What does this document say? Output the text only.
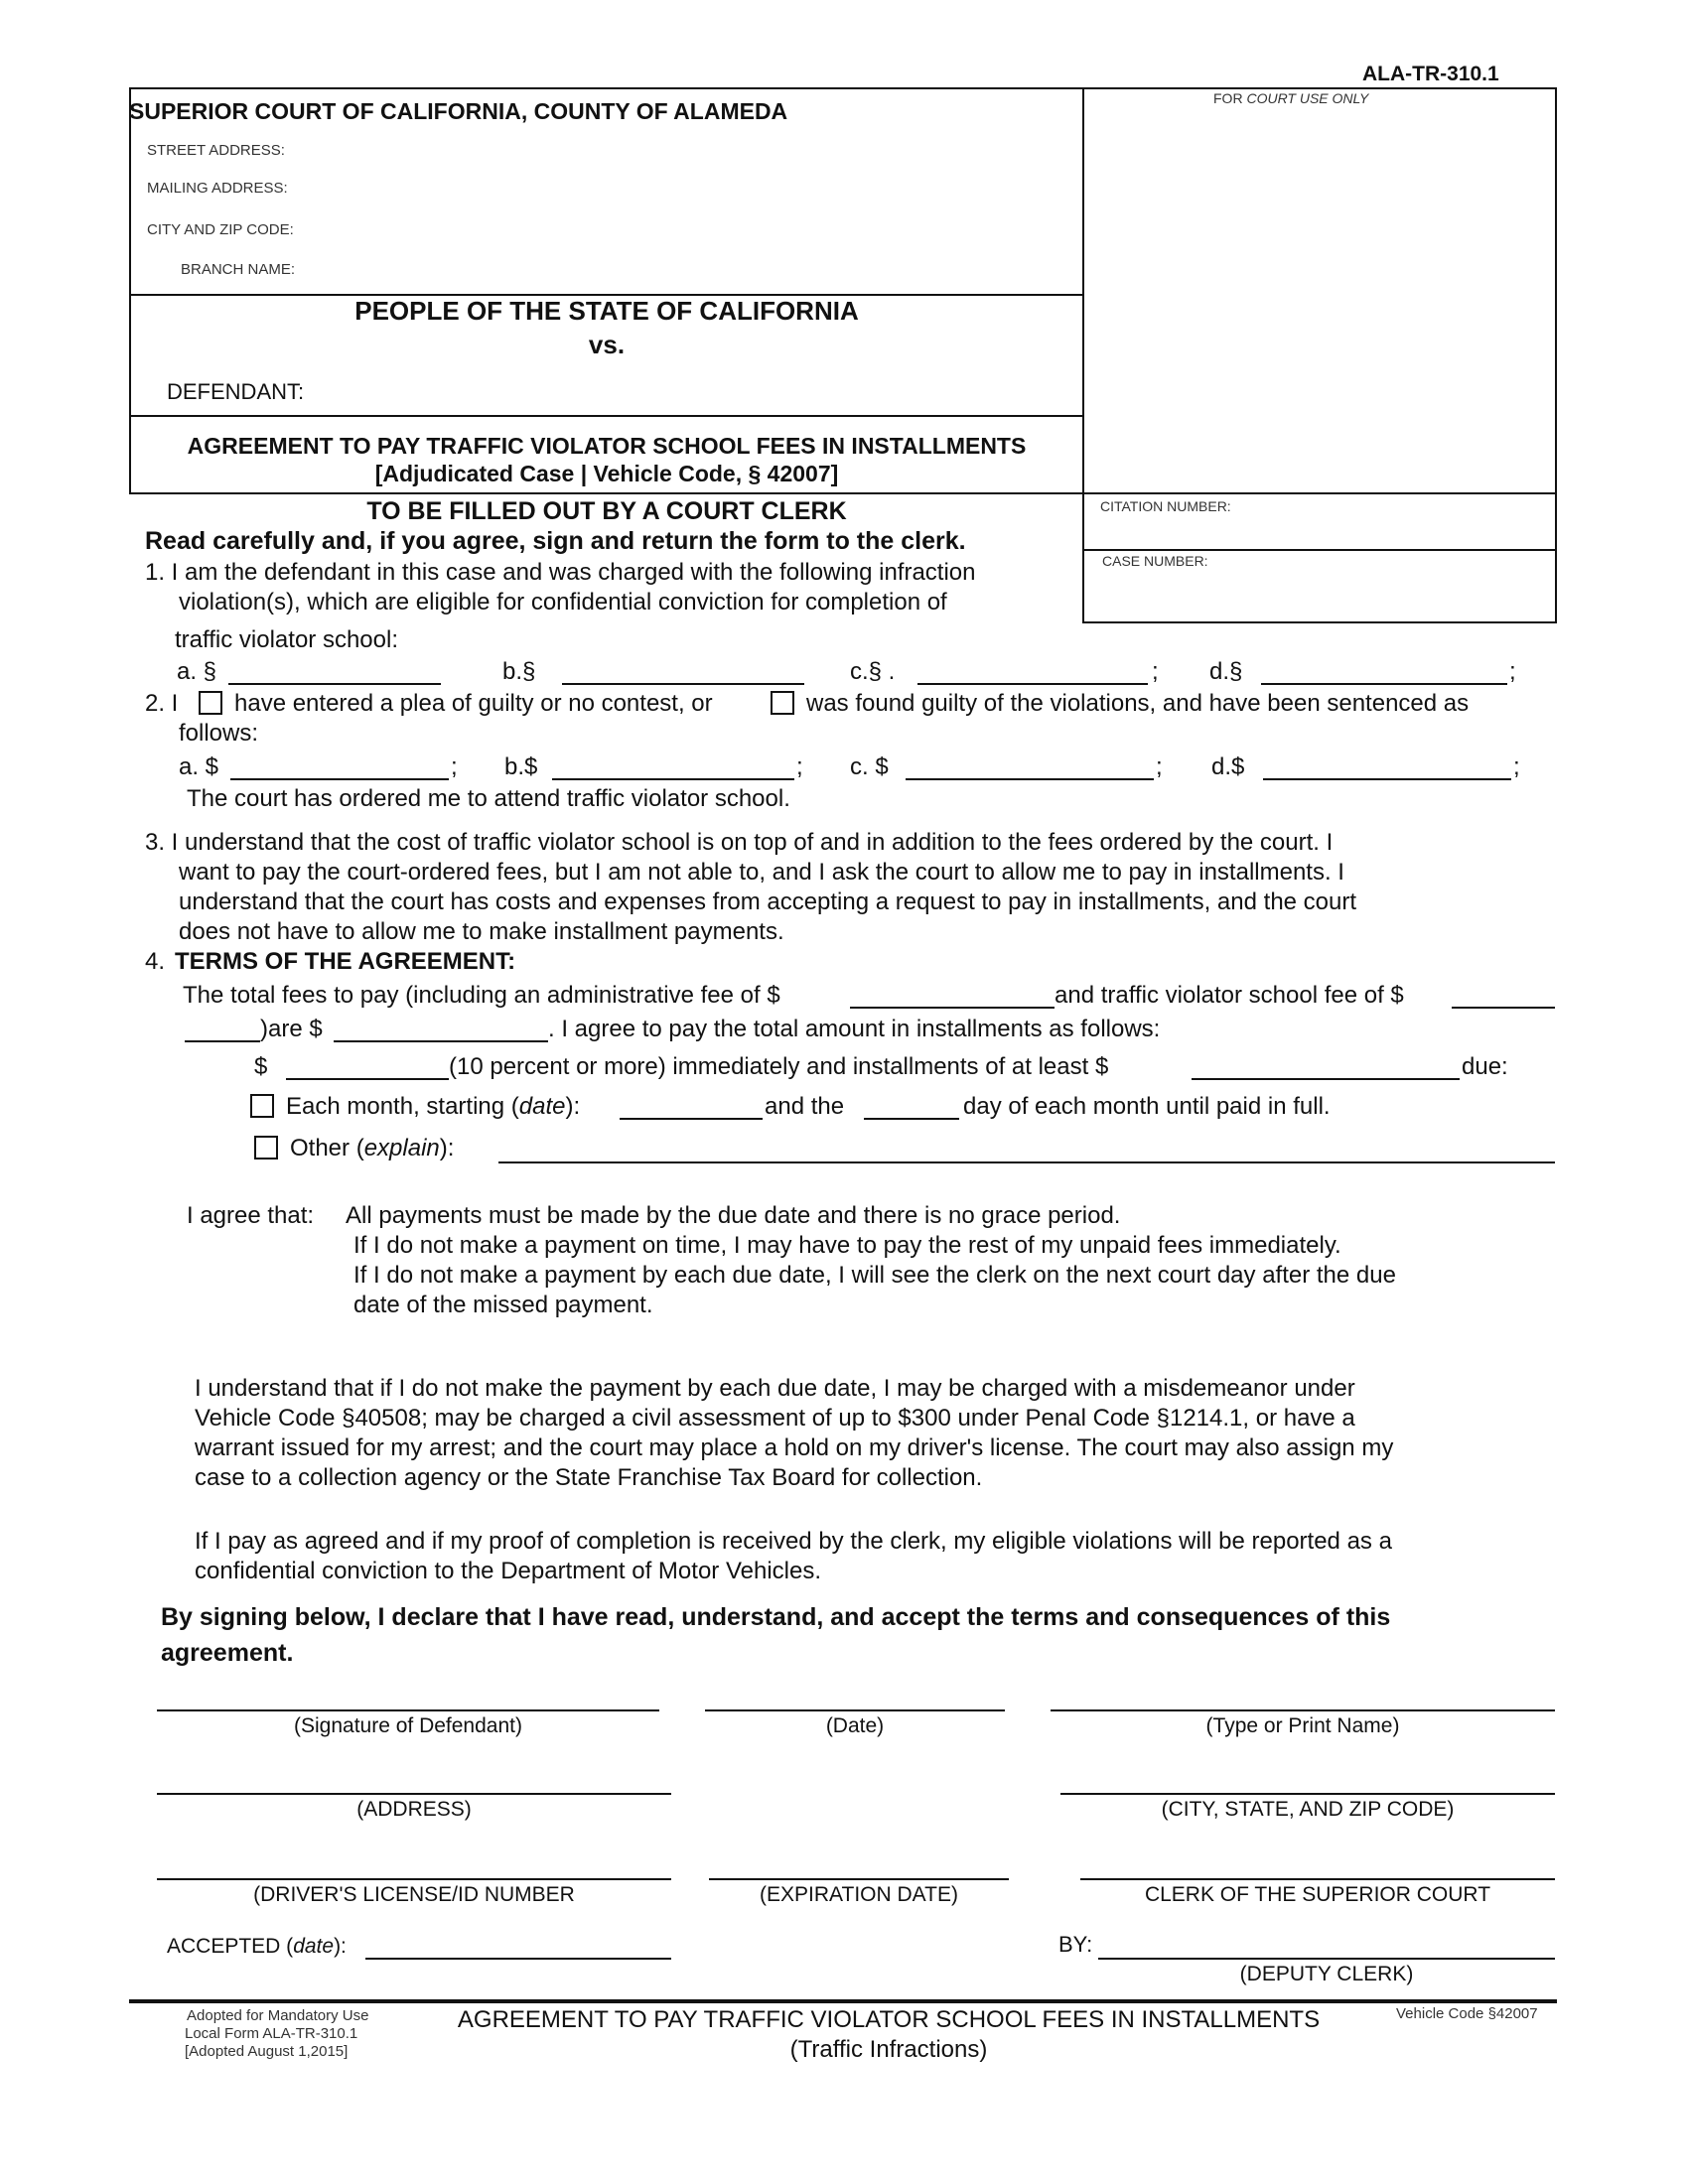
ALA-TR-310.1
SUPERIOR COURT OF CALIFORNIA, COUNTY OF ALAMEDA
STREET ADDRESS:
MAILING ADDRESS:
CITY AND ZIP CODE:
BRANCH NAME:
PEOPLE OF THE STATE OF CALIFORNIA
vs.
DEFENDANT:
AGREEMENT TO PAY TRAFFIC VIOLATOR SCHOOL FEES IN INSTALLMENTS
[Adjudicated Case | Vehicle Code, § 42007]
FOR COURT USE ONLY
CITATION NUMBER:
CASE NUMBER:
TO BE FILLED OUT BY A COURT CLERK
Read carefully and, if you agree, sign and return the form to the clerk.
1. I am the defendant in this case and was charged with the following infraction
violation(s), which are eligible for confidential conviction for completion of
traffic violator school:
a. §	b.§	c.§ .	; d.§	;
2. I have entered a plea of guilty or no contest, or	was found guilty of the violations, and have been sentenced as
follows:
a. $	; b.$	; c. $	; d.$	;
The court has ordered me to attend traffic violator school.
3. I understand that the cost of traffic violator school is on top of and in addition to the fees ordered by the court. I
want to pay the court-ordered fees, but I am not able to, and I ask the court to allow me to pay in installments. I
understand that the court has costs and expenses from accepting a request to pay in installments, and the court
does not have to allow me to make installment payments.
4. TERMS OF THE AGREEMENT:
The total fees to pay (including an administrative fee of $	and traffic violator school fee of $
)are $	. I agree to pay the total amount in installments as follows:
$	(10 percent or more) immediately and installments of at least $	due:
Each month, starting (date):	and the	day of each month until paid in full.
Other (explain):
I agree that: All payments must be made by the due date and there is no grace period.
If I do not make a payment on time, I may have to pay the rest of my unpaid fees immediately.
If I do not make a payment by each due date, I will see the clerk on the next court day after the due
date of the missed payment.
I understand that if I do not make the payment by each due date, I may be charged with a misdemeanor under
Vehicle Code §40508; may be charged a civil assessment of up to $300 under Penal Code §1214.1, or have a
warrant issued for my arrest; and the court may place a hold on my driver's license. The court may also assign my
case to a collection agency or the State Franchise Tax Board for collection.
If I pay as agreed and if my proof of completion is received by the clerk, my eligible violations will be reported as a
confidential conviction to the Department of Motor Vehicles.
By signing below, I declare that I have read, understand, and accept the terms and consequences of this
agreement.
(Signature of Defendant)	(Date)	(Type or Print Name)
(ADDRESS)	(CITY, STATE, AND ZIP CODE)
(DRIVER'S LICENSE/ID NUMBER	(EXPIRATION DATE)	CLERK OF THE SUPERIOR COURT
ACCEPTED (date):	BY:
(DEPUTY CLERK)
Adopted for Mandatory Use
Local Form ALA-TR-310.1
[Adopted August 1,2015]
AGREEMENT TO PAY TRAFFIC VIOLATOR SCHOOL FEES IN INSTALLMENTS
(Traffic Infractions)
Vehicle Code §42007
